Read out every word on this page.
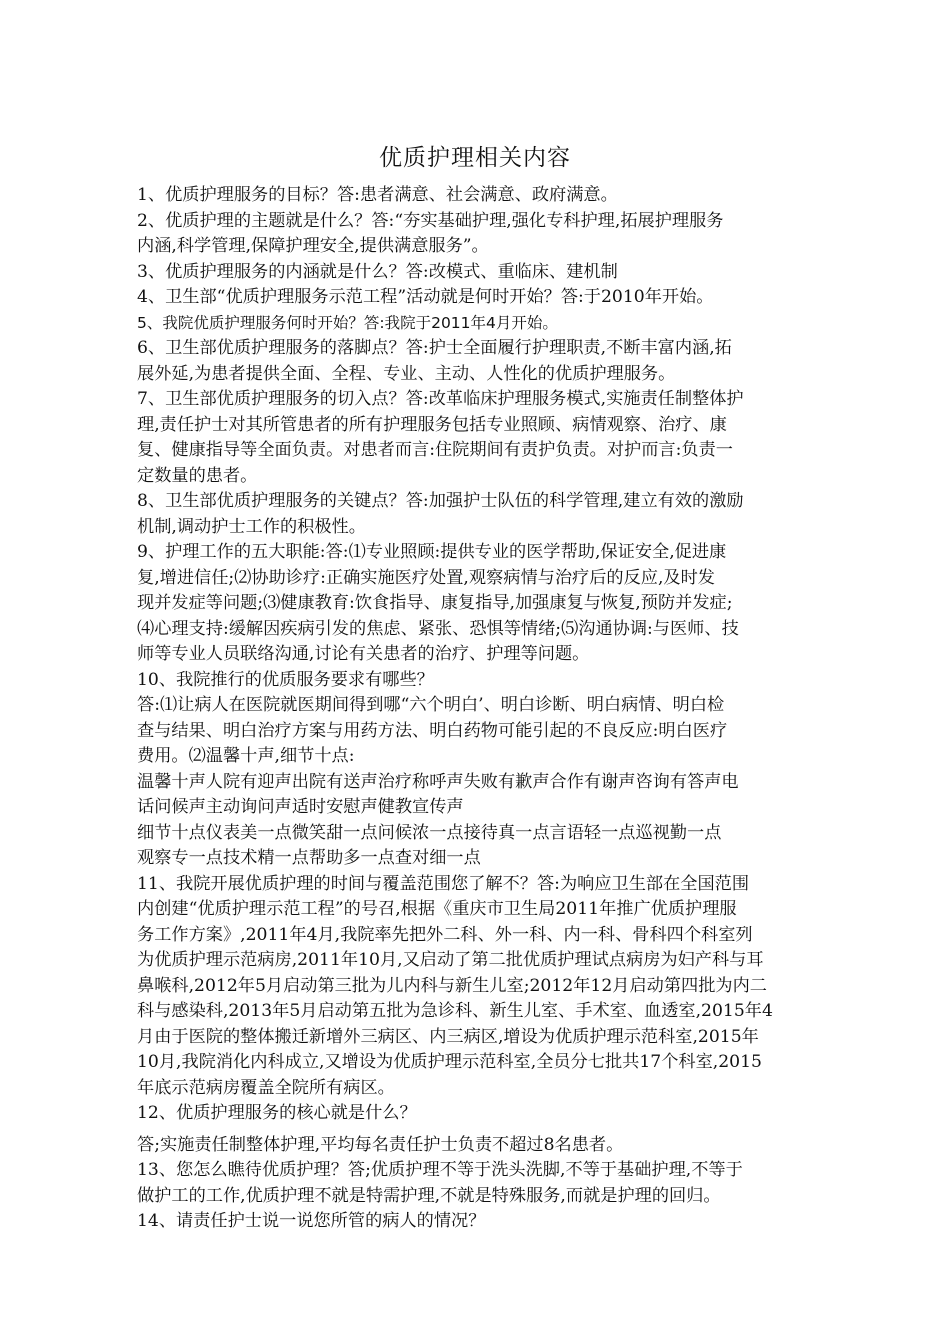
优质护理相关内容
1、优质护理服务的目标？答:患者满意、社会满意、政府满意。
2、优质护理的主题就是什么？答:“夯实基础护理,强化专科护理,拓展护理服务
内涵,科学管理,保障护理安全,提供满意服务”。
3、优质护理服务的内涵就是什么？答:改模式、重临床、建机制
4、卫生部“优质护理服务示范工程”活动就是何时开始？答:于2010年开始。
5、我院优质护理服务何时开始？答:我院于2011年4月开始。
6、卫生部优质护理服务的落脚点？答:护士全面履行护理职责,不断丰富内涵,拓
展外延,为患者提供全面、全程、专业、主动、人性化的优质护理服务。
7、卫生部优质护理服务的切入点？答:改革临床护理服务模式,实施责任制整体护
理,责任护士对其所管患者的所有护理服务包括专业照顾、病情观察、治疗、康
复、健康指导等全面负责。对患者而言:住院期间有责护负责。对护而言:负责一
定数量的患者。
8、卫生部优质护理服务的关键点？答:加强护士队伍的科学管理,建立有效的激励
机制,调动护士工作的积极性。
9、护理工作的五大职能:答:⑴专业照顾:提供专业的医学帮助,保证安全,促进康
复,增进信任;⑵协助诊疗:正确实施医疗处置,观察病情与治疗后的反应,及时发
现并发症等问题;⑶健康教育:饮食指导、康复指导,加强康复与恢复,预防并发症;
⑷心理支持:缓解因疾病引发的焦虑、紧张、恐惧等情绪;⑸沟通协调:与医师、技
师等专业人员联络沟通,讨论有关患者的治疗、护理等问题。
10、我院推行的优质服务要求有哪些？
答:⑴让病人在医院就医期间得到哪“六个明白’、明白诊断、明白病情、明白检
查与结果、明白治疗方案与用药方法、明白药物可能引起的不良反应:明白医疗
费用。⑵温馨十声,细节十点:
温馨十声人院有迎声出院有送声治疗称呼声失败有歉声合作有谢声咨询有答声电
话问候声主动询问声适时安慰声健教宣传声
细节十点仪表美一点微笑甜一点问候浓一点接待真一点言语轻一点巡视勤一点
观察专一点技术精一点帮助多一点查对细一点
11、我院开展优质护理的时间与覆盖范围您了解不？答:为响应卫生部在全国范围
内创建“优质护理示范工程”的号召,根据《重庆市卫生局2011年推广优质护理服
务工作方案》,2011年4月,我院率先把外二科、外一科、内一科、骨科四个科室列
为优质护理示范病房,2011年10月,又启动了第二批优质护理试点病房为妇产科与耳
鼻喉科,2012年5月启动第三批为儿内科与新生儿室;2012年12月启动第四批为内二
科与感染科,2013年5月启动第五批为急诊科、新生儿室、手术室、血透室,2015年4
月由于医院的整体搬迁新增外三病区、内三病区,增设为优质护理示范科室,2015年
10月,我院消化内科成立,又增设为优质护理示范科室,全员分七批共17个科室,2015
年底示范病房覆盖全院所有病区。
12、优质护理服务的核心就是什么？
答;实施责任制整体护理,平均每名责任护士负责不超过8名患者。
13、您怎么瞧待优质护理？答;优质护理不等于洗头洗脚,不等于基础护理,不等于
做护工的工作,优质护理不就是特需护理,不就是特殊服务,而就是护理的回归。
14、请责任护士说一说您所管的病人的情况？
